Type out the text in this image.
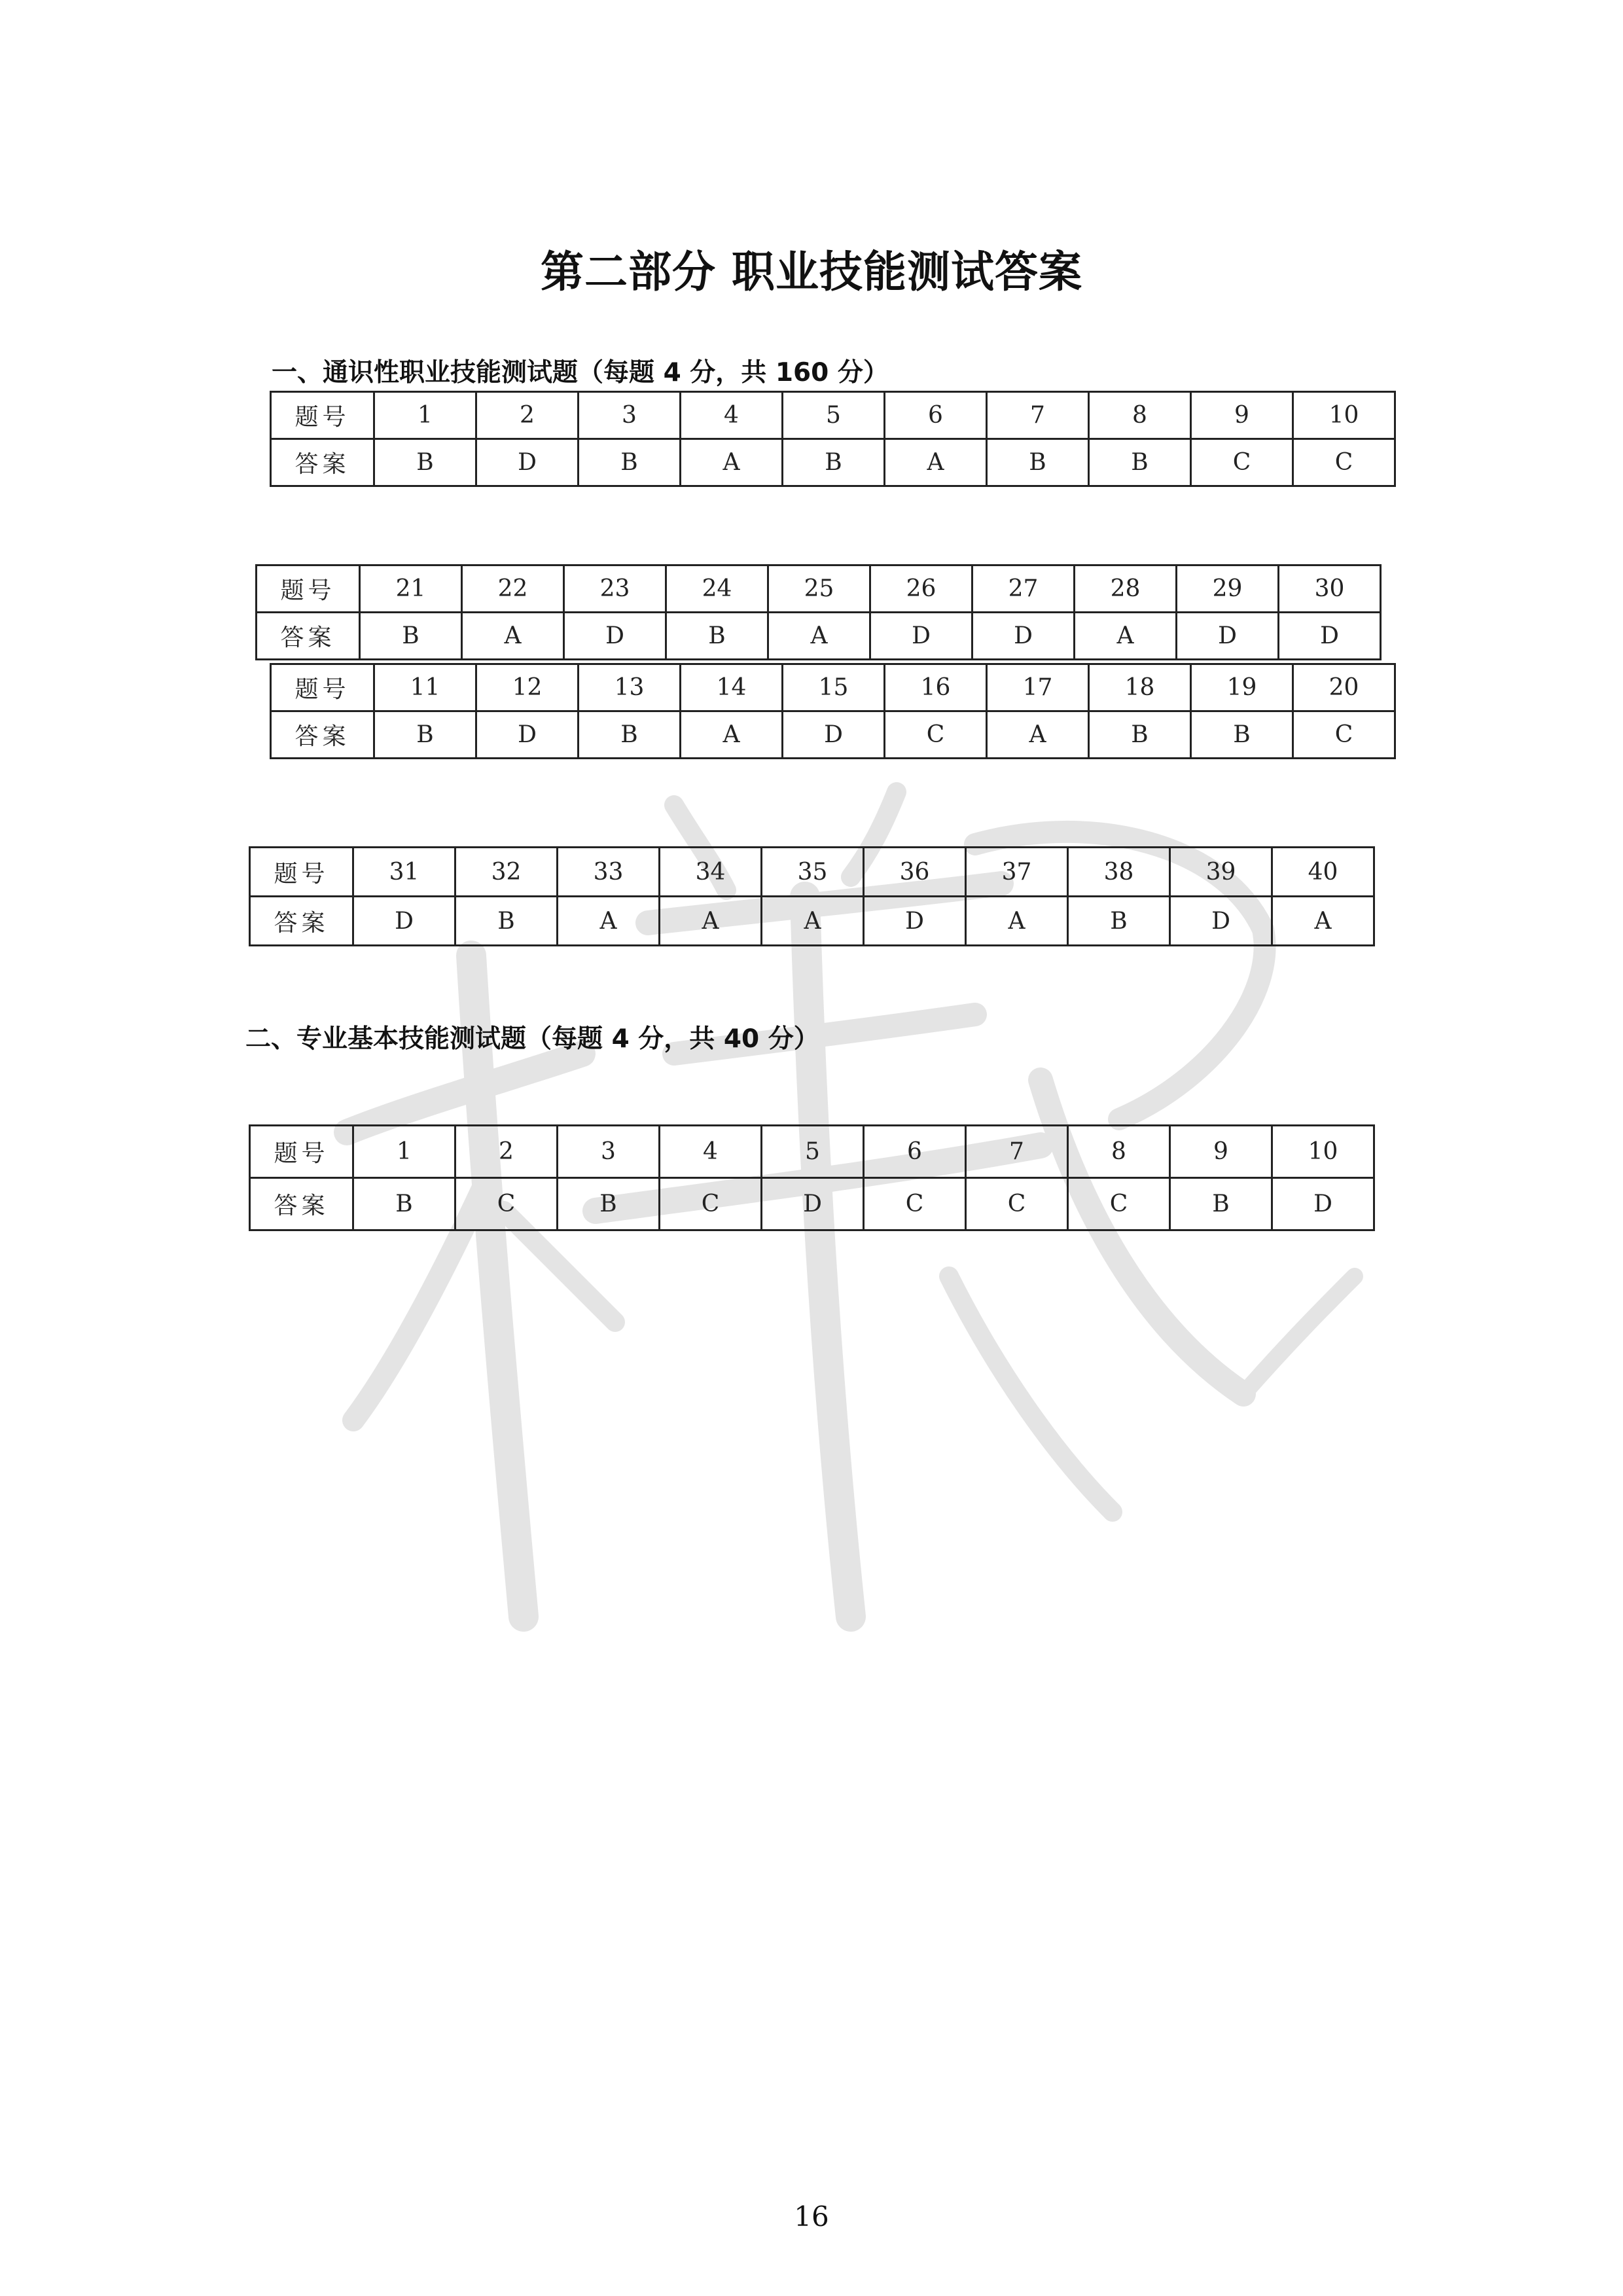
第二部分 职业技能测试答案
一、通识性职业技能测试题（每题 4 分，共 160 分）
题号	1	2	3	4	5	6	7	8	9	10
答案	B	D	B	A	B	A	B	B	C	C
题号	21	22	23	24	25	26	27	28	29	30
答案	B	A	D	B	A	D	D	A	D	D
题号	11	12	13	14	15	16	17	18	19	20
答案	B	D	B	A	D	C	A	B	B	C
题号	31	32	33	34	35	36	37	38	39	40
答案	D	B	A	A	A	D	A	B	D	A
二、专业基本技能测试题（每题 4 分，共 40 分）
题号	1	2	3	4	5	6	7	8	9	10
答案	B	C	B	C	D	C	C	C	B	D
16
